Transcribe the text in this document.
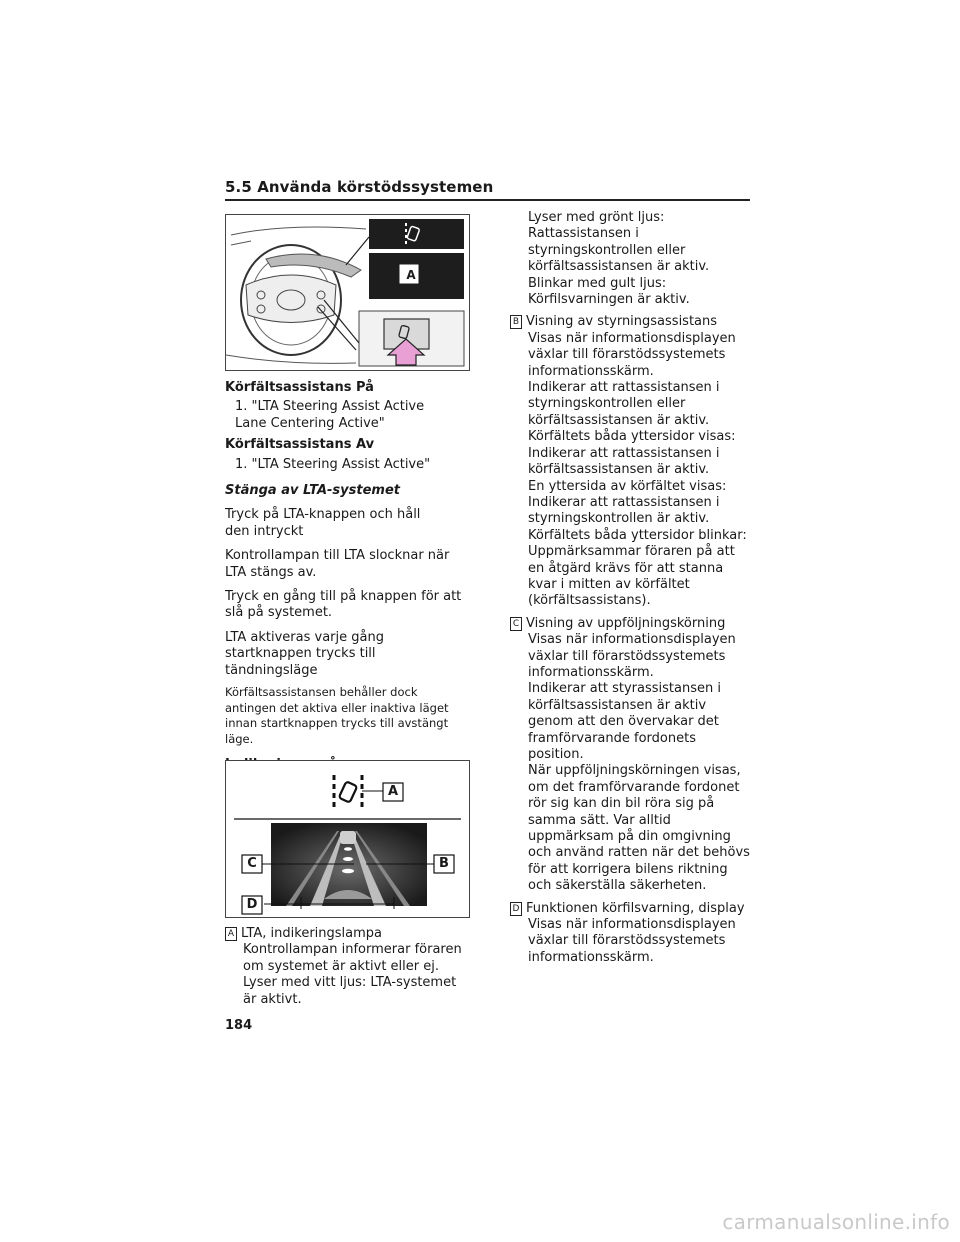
5.5 Använda körstödssystemen
A

Körfältsassistans På

1. "LTA Steering Assist Active Lane Centering Active"

Körfältsassistans Av

1. "LTA Steering Assist Active"

Stänga av LTA-systemet

Tryck på LTA-knappen och håll den intryckt

Kontrollampan till LTA slocknar när LTA stängs av.

Tryck en gång till på knappen för att slå på systemet.

LTA aktiveras varje gång startknappen trycks till tändningsläge

Körfältsassistansen behåller dock antingen det aktiva eller inaktiva läget innan startknappen trycks till avstängt läge.

A
B
C
D

A LTA, indikeringslampa

Kontrollampan informerar föraren om systemet är aktivt eller ej.

Lyser med vitt ljus: LTA-systemet är aktivt.

Lyser med grönt ljus: Rattassistansen i styrningskontrollen eller körfältsassistansen är aktiv.

Blinkar med gult ljus: Körfilsvarningen är aktiv.

B Visning av styrningsassistans

Visas när informationsdisplayen växlar till förarstödssystemets informationsskärm.

Indikerar att rattassistansen i styrningskontrollen eller körfältsassistansen är aktiv.

Körfältets båda yttersidor visas: Indikerar att rattassistansen i körfältsassistansen är aktiv.

En yttersida av körfältet visas: Indikerar att rattassistansen i styrningskontrollen är aktiv.

Körfältets båda yttersidor blinkar: Uppmärksammar föraren på att en åtgärd krävs för att stanna kvar i mitten av körfältet (körfältsassistans).

C Visning av uppföljningskörning

Visas när informationsdisplayen växlar till förarstödssystemets informationsskärm.

Indikerar att styrassistansen i körfältsassistansen är aktiv genom att den övervakar det framförvarande fordonets position.

När uppföljningskörningen visas, om det framförvarande fordonet rör sig kan din bil röra sig på samma sätt. Var alltid uppmärksam på din omgivning och använd ratten när det behövs för att korrigera bilens riktning och säkerställa säkerheten.

D Funktionen körfilsvarning, display

Visas när informationsdisplayen växlar till förarstödssystemets informationsskärm.

184
carmanualsonline.info
